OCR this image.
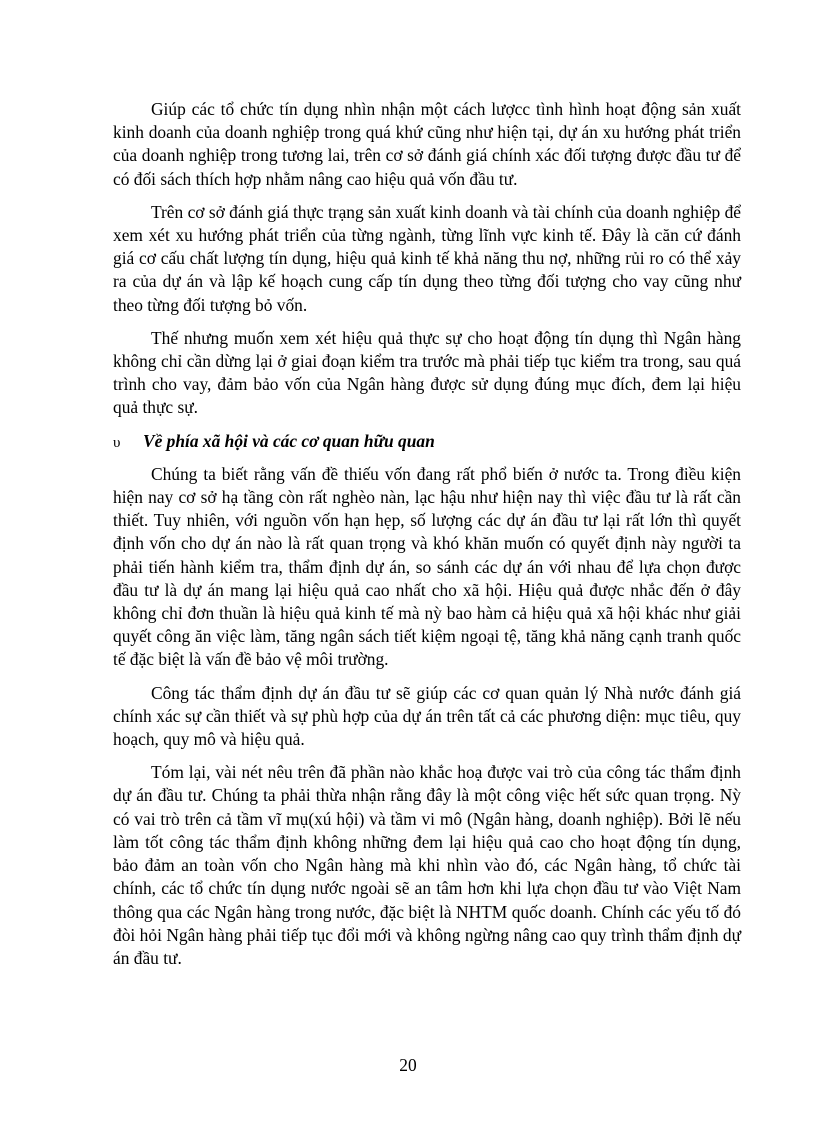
Giúp các tổ chức tín dụng nhìn nhận một cách lượcc tình hình hoạt động sản xuất kinh doanh của doanh nghiệp trong quá khứ cũng như hiện tại, dự án xu hướng phát triển của doanh nghiệp trong tương lai, trên cơ sở đánh giá chính xác đối tượng được đầu tư để có đối sách thích hợp nhằm nâng cao hiệu quả vốn đầu tư.

Trên cơ sở đánh giá thực trạng sản xuất kinh doanh và tài chính của doanh nghiệp để xem xét xu hướng phát triển của từng ngành, từng lĩnh vực kinh tế. Đây là căn cứ đánh giá cơ cấu chất lượng tín dụng, hiệu quả kinh tế khả năng thu nợ, những rủi ro có thể xảy ra của dự án và lập kế hoạch cung cấp tín dụng theo từng đối tượng cho vay cũng như theo từng đối tượng bỏ vốn.

Thế nhưng muốn xem xét hiệu quả thực sự cho hoạt động tín dụng thì Ngân hàng không chỉ cần dừng lại ở giai đoạn kiểm tra trước mà phải tiếp tục kiểm tra trong, sau quá trình cho vay, đảm bảo vốn của Ngân hàng được sử dụng đúng mục đích, đem lại hiệu quả thực sự.

υ	Về phía xã hội và các cơ quan hữu quan

Chúng ta biết rằng vấn đề thiếu vốn đang rất phổ biến ở nước ta. Trong điều kiện hiện nay cơ sở hạ tầng còn rất nghèo nàn, lạc hậu như hiện nay thì việc đầu tư là rất cần thiết. Tuy nhiên, với nguồn vốn hạn hẹp, số lượng các dự án đầu tư lại rất lớn thì quyết định vốn cho dự án nào là rất quan trọng và khó khăn muốn có quyết định này người ta phải tiến hành kiểm tra, thẩm định dự án, so sánh các dự án với nhau để lựa chọn được đầu tư là dự án mang lại hiệu quả cao nhất cho xã hội. Hiệu quả được nhắc đến ở đây không chỉ đơn thuần là hiệu quả kinh tế mà nỳ bao hàm cả hiệu quả xã hội khác như giải quyết công ăn việc làm, tăng ngân sách tiết kiệm ngoại tệ, tăng khả năng cạnh tranh quốc tế đặc biệt là vấn đề bảo vệ môi trường.

Công tác thẩm định dự án đầu tư sẽ giúp các cơ quan quản lý Nhà nước đánh giá chính xác sự cần thiết và sự phù hợp của dự án trên tất cả các phương diện: mục tiêu, quy hoạch, quy mô và hiệu quả.

Tóm lại, vài nét nêu trên đã phần nào khắc hoạ được vai trò của công tác thẩm định dự án đầu tư. Chúng ta phải thừa nhận rằng đây là một công việc hết sức quan trọng. Nỳ có vai trò trên cả tầm vĩ mụ(xú hội) và tầm vi mô (Ngân hàng, doanh nghiệp). Bởi lẽ nếu làm tốt công tác thẩm định không những đem lại hiệu quả cao cho hoạt động tín dụng, bảo đảm an toàn vốn cho Ngân hàng mà khi nhìn vào đó, các Ngân hàng, tổ chức tài chính, các tổ chức tín dụng nước ngoài sẽ an tâm hơn khi lựa chọn đầu tư vào Việt Nam thông qua các Ngân hàng trong nước, đặc biệt là NHTM quốc doanh. Chính các yếu tố đó đòi hỏi Ngân hàng phải tiếp tục đổi mới và không ngừng nâng cao quy trình thẩm định dự án đầu tư.

20
